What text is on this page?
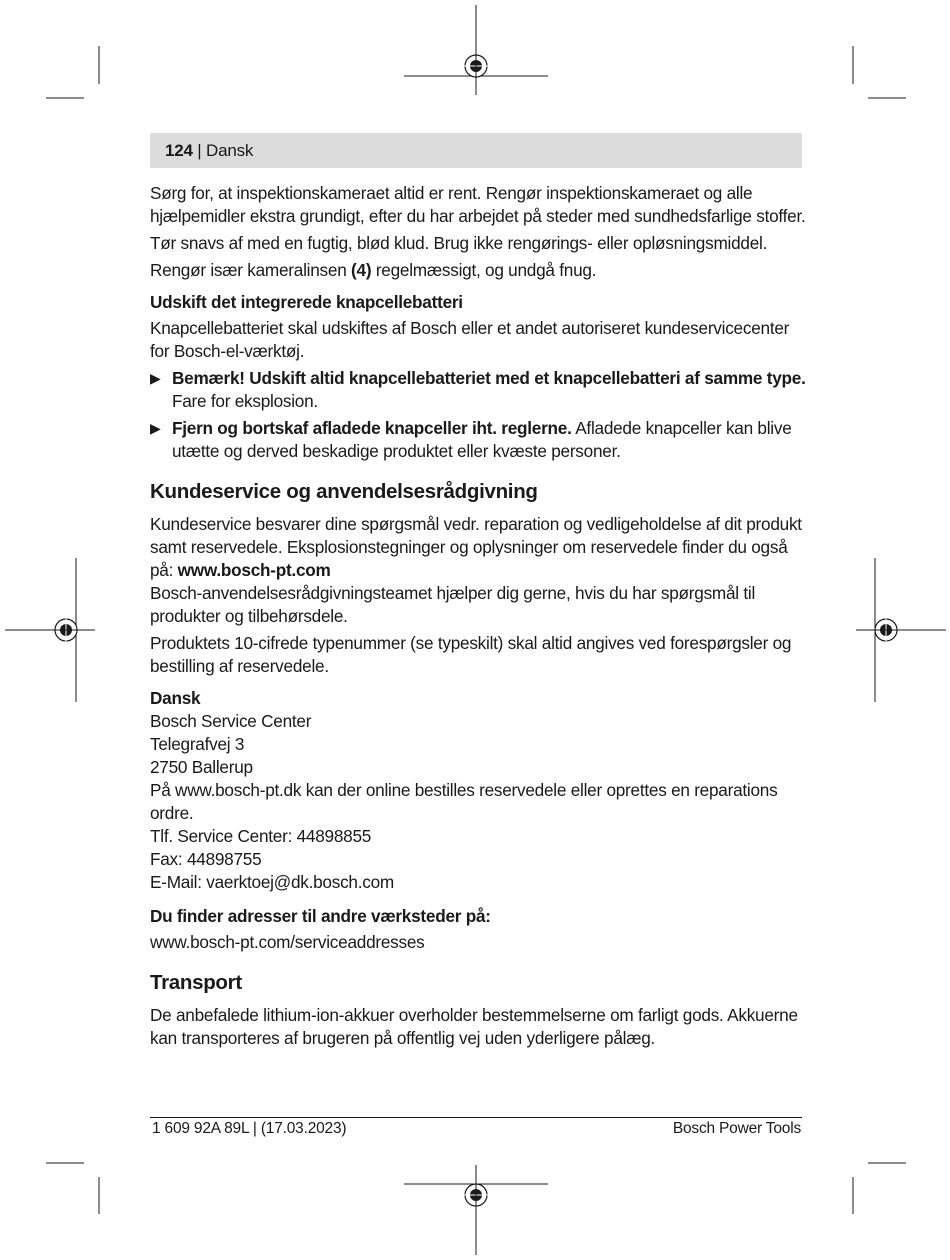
124 | Dansk

Sørg for, at inspektionskameraet altid er rent. Rengør inspektionskameraet og alle hjælpemidler ekstra grundigt, efter du har arbejdet på steder med sundhedsfarlige stoffer.

Tør snavs af med en fugtig, blød klud. Brug ikke rengørings- eller opløsningsmiddel.

Rengør især kameralinsen (4) regelmæssigt, og undgå fnug.

Udskift det integrerede knapcellebatteri

Knapcellebatteriet skal udskiftes af Bosch eller et andet autoriseret kundeservicecenter for Bosch-el-værktøj.

▶ Bemærk! Udskift altid knapcellebatteriet med et knapcellebatteri af samme type. Fare for eksplosion.
▶ Fjern og bortskaf afladede knapceller iht. reglerne. Afladede knapceller kan blive utætte og derved beskadige produktet eller kvæste personer.
Kundeservice og anvendelsesrådgivning

Kundeservice besvarer dine spørgsmål vedr. reparation og vedligeholdelse af dit produkt samt reservedele. Eksplosionstegninger og oplysninger om reservedele finder du også på: www.bosch-pt.com

Bosch-anvendelsesrådgivningsteamet hjælper dig gerne, hvis du har spørgsmål til produkter og tilbehørsdele.

Produktets 10-cifrede typenummer (se typeskilt) skal altid angives ved forespørgsler og bestilling af reservedele.

Dansk

Bosch Service Center

Telegrafvej 3

2750 Ballerup

På www.bosch-pt.dk kan der online bestilles reservedele eller oprettes en reparations ordre.

Tlf. Service Center: 44898855

Fax: 44898755

E-Mail: vaerktoej@dk.bosch.com

Du finder adresser til andre værksteder på:

www.bosch-pt.com/serviceaddresses

Transport

De anbefalede lithium-ion-akkuer overholder bestemmelserne om farligt gods. Akkuerne kan transporteres af brugeren på offentlig vej uden yderligere pålæg.

1 609 92A 89L | (17.03.2023)	Bosch Power Tools
